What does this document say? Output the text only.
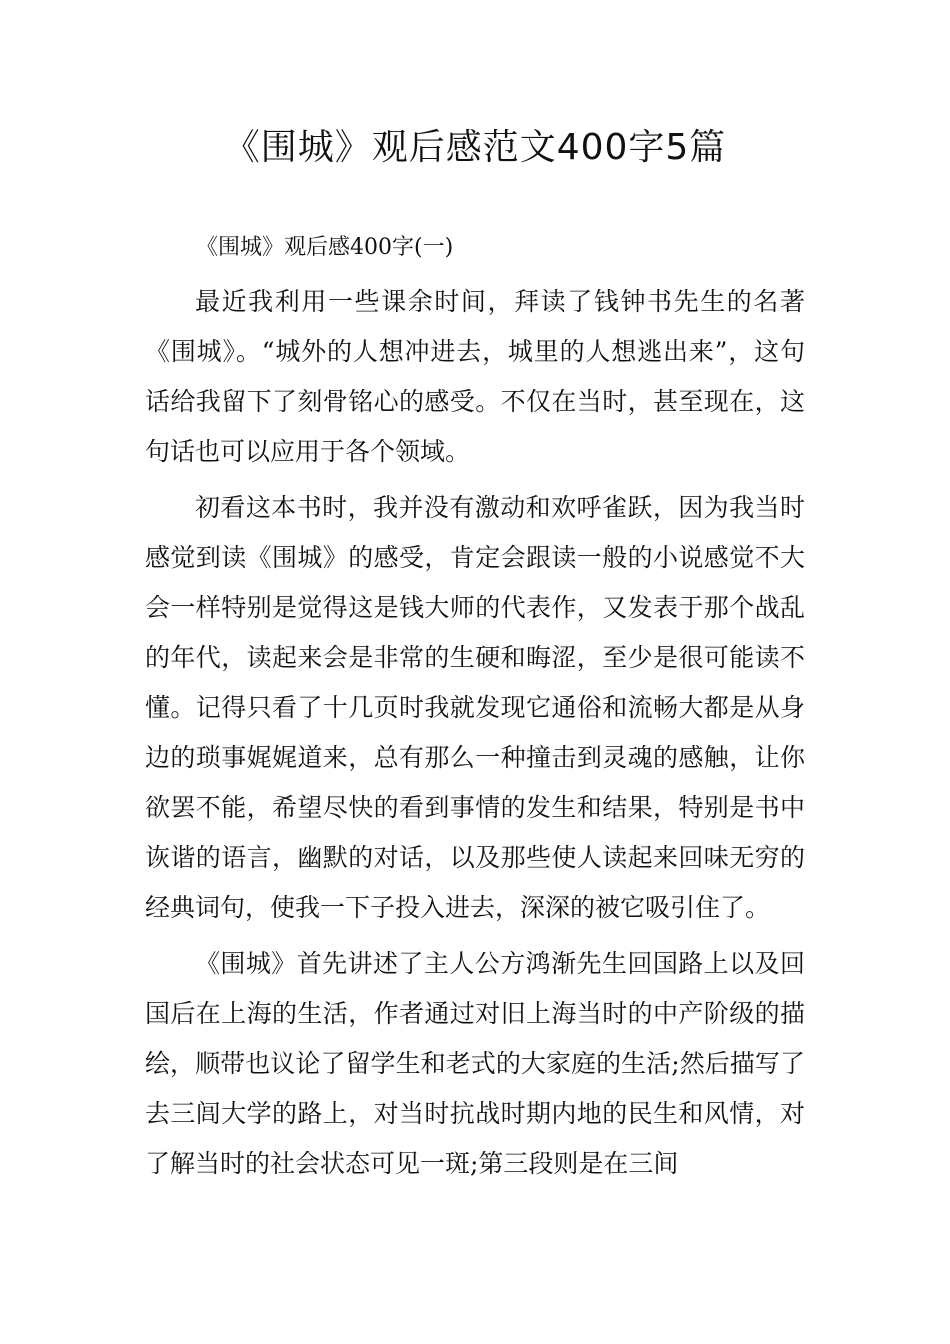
《围城》观后感范文400字5篇

《围城》观后感400字(一)

最近我利用一些课余时间，拜读了钱钟书先生的名著《围城》。“城外的人想冲进去，城里的人想逃出来”，这句话给我留下了刻骨铭心的感受。不仅在当时，甚至现在，这句话也可以应用于各个领域。

初看这本书时，我并没有激动和欢呼雀跃，因为我当时感觉到读《围城》的感受，肯定会跟读一般的小说感觉不大会一样特别是觉得这是钱大师的代表作，又发表于那个战乱的年代，读起来会是非常的生硬和晦涩，至少是很可能读不懂。记得只看了十几页时我就发现它通俗和流畅大都是从身边的琐事娓娓道来，总有那么一种撞击到灵魂的感触，让你欲罢不能，希望尽快的看到事情的发生和结果，特别是书中诙谐的语言，幽默的对话，以及那些使人读起来回味无穷的经典词句，使我一下子投入进去，深深的被它吸引住了。

《围城》首先讲述了主人公方鸿渐先生回国路上以及回国后在上海的生活，作者通过对旧上海当时的中产阶级的描绘，顺带也议论了留学生和老式的大家庭的生活;然后描写了去三闾大学的路上，对当时抗战时期内地的民生和风情，对了解当时的社会状态可见一斑;第三段则是在三间
